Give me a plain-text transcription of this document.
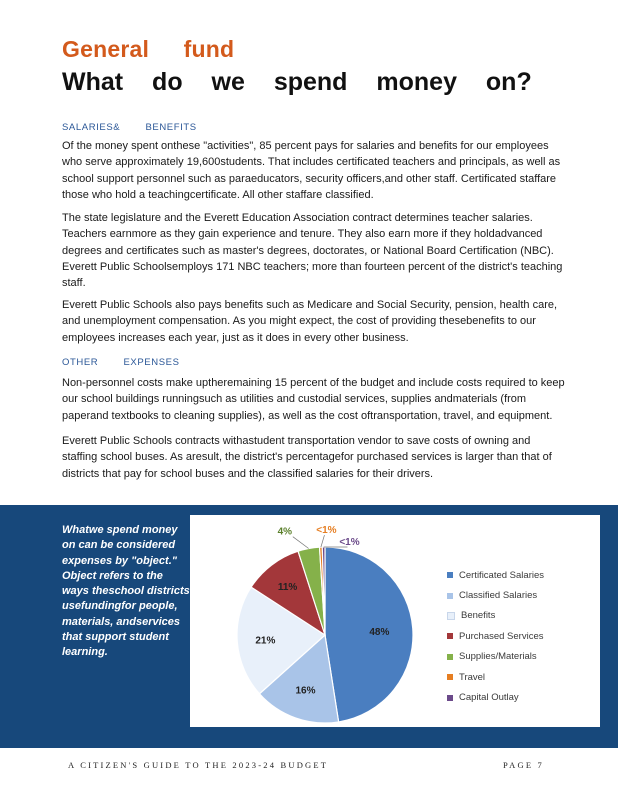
General fund
What do we spend money on?
SALARIES& BENEFITS

Of the money spent onthese "activities", 85 percent pays for salaries and benefits for our employees who serve approximately 19,600students. That includes certificated teachers and principals, as well as school support personnel such as paraeducators, security officers,and other staff. Certificated staffare those who hold a teachingcertificate. All other staffare classified.

The state legislature and the Everett Education Association contract determines teacher salaries. Teachers earnmore as they gain experience and tenure. They also earn more if they holdadvanced degrees and certificates such as master's degrees, doctorates, or National Board Certification (NBC). Everett Public Schoolsemploys 171 NBC teachers; more than fourteen percent of the district's teaching staff.

Everett Public Schools also pays benefits such as Medicare and Social Security, pension, health care, and unemployment compensation. As you might expect, the cost of providing thesebenefits to our employees increases each year, just as it does in every other business.

OTHER EXPENSES

Non-personnel costs make uptheremaining 15 percent of the budget and include costs required to keep our school buildings runningsuch as utilities and custodial services, supplies andmaterials (from paperand textbooks to cleaning supplies), as well as the cost oftransportation, travel, and equipment.

Everett Public Schools contracts withastudent transportation vendor to save costs of owning and staffing school buses. As aresult, the district's percentagefor purchased services is larger than that of districts that pay for school buses and the classified salaries for their drivers.

Whatwe spend money on can be considered expenses by "object." Object refers to the ways theschool districts usefundingfor people, materials, andservices that support student learning.

48%
16%
21%
11%
4% <1%
<1%
Certificated Salaries
Classified Salaries
Benefits
Purchased Services
Supplies/Materials
Travel
Capital Outlay
A CITIZEN'S GUIDE TO THE 2023-24 BUDGET	PAGE 7
